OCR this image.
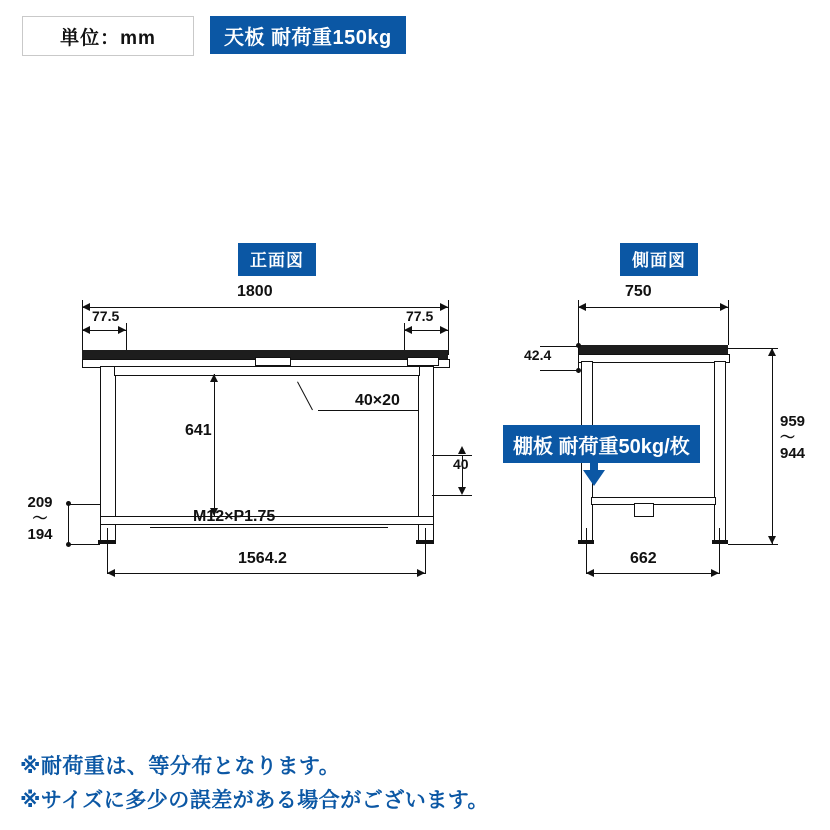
単位：mm	天板 耐荷重150kg
正面図
1800
77.5	77.5
641
40×20
40
M12×P1.75
209
〜
194
1564.2
側面図
750
42.4
棚板 耐荷重50kg/枚
959
〜
944
662
※耐荷重は、等分布となります。
※サイズに多少の誤差がある場合がございます。
